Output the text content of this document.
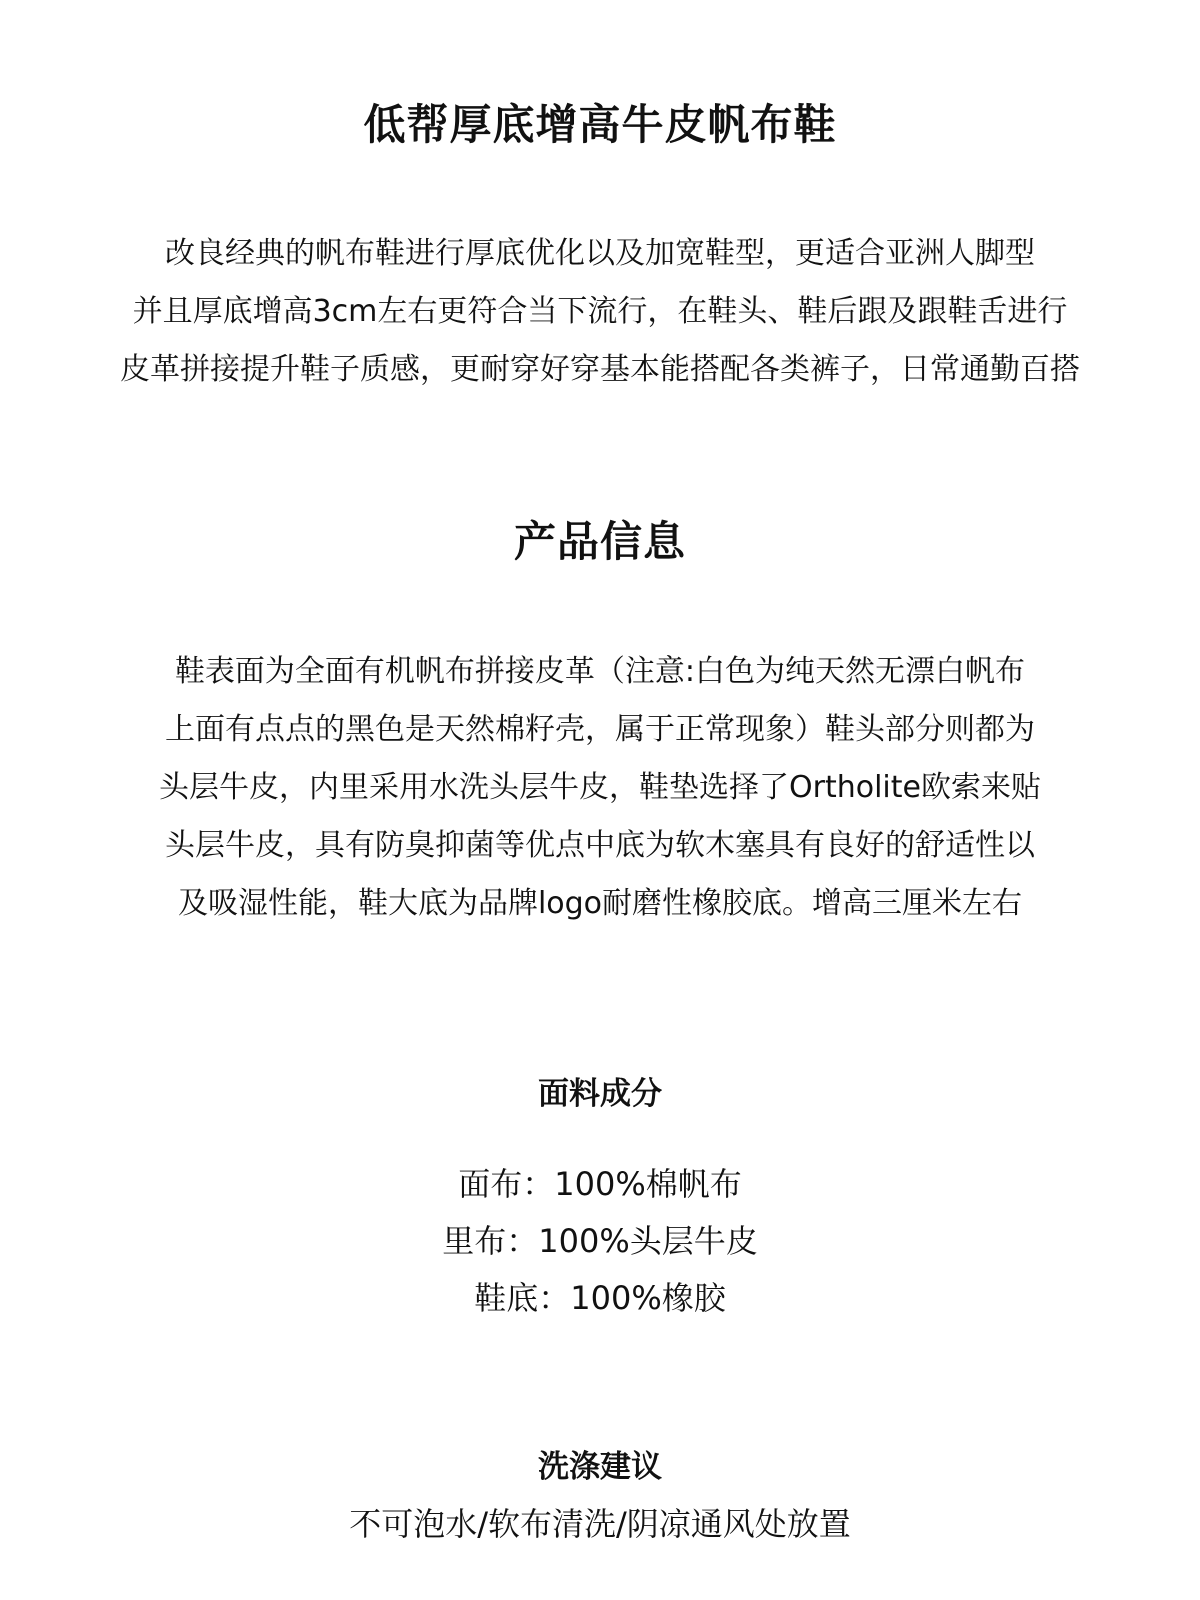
低帮厚底增高牛皮帆布鞋
改良经典的帆布鞋进行厚底优化以及加宽鞋型，更适合亚洲人脚型
并且厚底增高3cm左右更符合当下流行，在鞋头、鞋后跟及跟鞋舌进行
皮革拼接提升鞋子质感，更耐穿好穿基本能搭配各类裤子，日常通勤百搭
产品信息
鞋表面为全面有机帆布拼接皮革（注意:白色为纯天然无漂白帆布
上面有点点的黑色是天然棉籽壳，属于正常现象）鞋头部分则都为
头层牛皮，内里采用水洗头层牛皮，鞋垫选择了Ortholite欧索来贴
头层牛皮，具有防臭抑菌等优点中底为软木塞具有良好的舒适性以
及吸湿性能，鞋大底为品牌logo耐磨性橡胶底。增高三厘米左右
面料成分
面布：100%棉帆布
里布：100%头层牛皮
鞋底：100%橡胶
洗涤建议
不可泡水/软布清洗/阴凉通风处放置
